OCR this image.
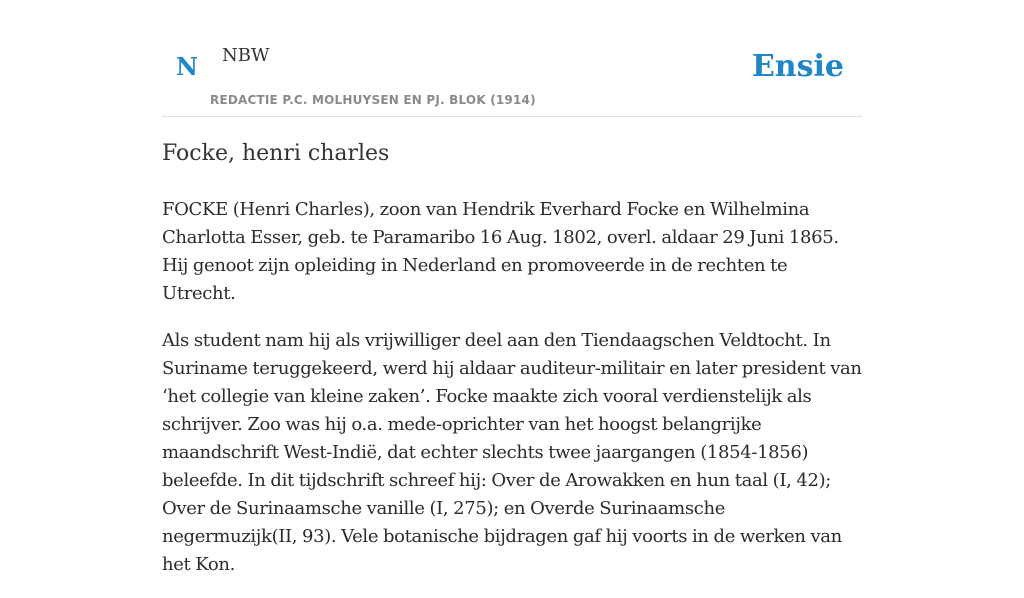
N NBW
REDACTIE P.C. MOLHUYSEN EN PJ. BLOK (1914)
Ensie
Focke, henri charles

FOCKE (Henri Charles), zoon van Hendrik Everhard Focke en Wilhelmina Charlotta Esser, geb. te Paramaribo 16 Aug. 1802, overl. aldaar 29 Juni 1865. Hij genoot zijn opleiding in Nederland en promoveerde in de rechten te Utrecht.

Als student nam hij als vrijwilliger deel aan den Tiendaagschen Veldtocht. In Suriname teruggekeerd, werd hij aldaar auditeur-militair en later president van ‘het collegie van kleine zaken’. Focke maakte zich vooral verdienstelijk als schrijver. Zoo was hij o.a. mede-oprichter van het hoogst belangrijke maandschrift West-Indië, dat echter slechts twee jaargangen (1854-1856) beleefde. In dit tijdschrift schreef hij: Over de Arowakken en hun taal (I, 42); Over de Surinaamsche vanille (I, 275); en Overde Surinaamsche negermuzijk(II, 93). Vele botanische bijdragen gaf hij voorts in de werken van het Kon.
